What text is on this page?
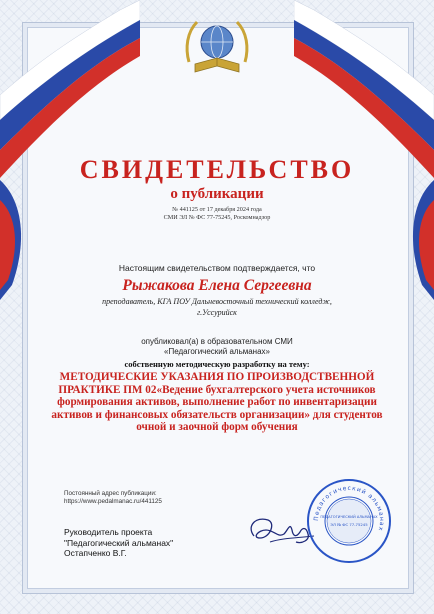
СВИДЕТЕЛЬСТВО
о публикации
№ 441125 от 17 декабря 2024 года
СМИ ЭЛ № ФС 77-75245, Роскомнадзор
Настоящим свидетельством подтверждается, что
Рыжакова Елена Сергеевна
преподаватель, КГА ПОУ Дальневосточный технический колледж,
г.Уссурийск
опубликовал(а) в образовательном СМИ
«Педагогический альманах»
собственную методическую разработку на тему:
МЕТОДИЧЕСКИЕ УКАЗАНИЯ ПО ПРОИЗВОДСТВЕННОЙ ПРАКТИКЕ ПМ 02«Ведение бухгалтерского учета источников формирования активов, выполнение работ по инвентаризации активов и финансовых обязательств организации» для студентов очной и заочной форм обучения
Постоянный адрес публикации:
https://www.pedalmanac.ru/441125
Руководитель проекта
"Педагогический альманах"
Остапченко В.Г.
Педагогический альманах
ПЕДАГОГИЧЕСКИЙ АЛЬМАНАХ
ЭЛ № ФС 77-75245
